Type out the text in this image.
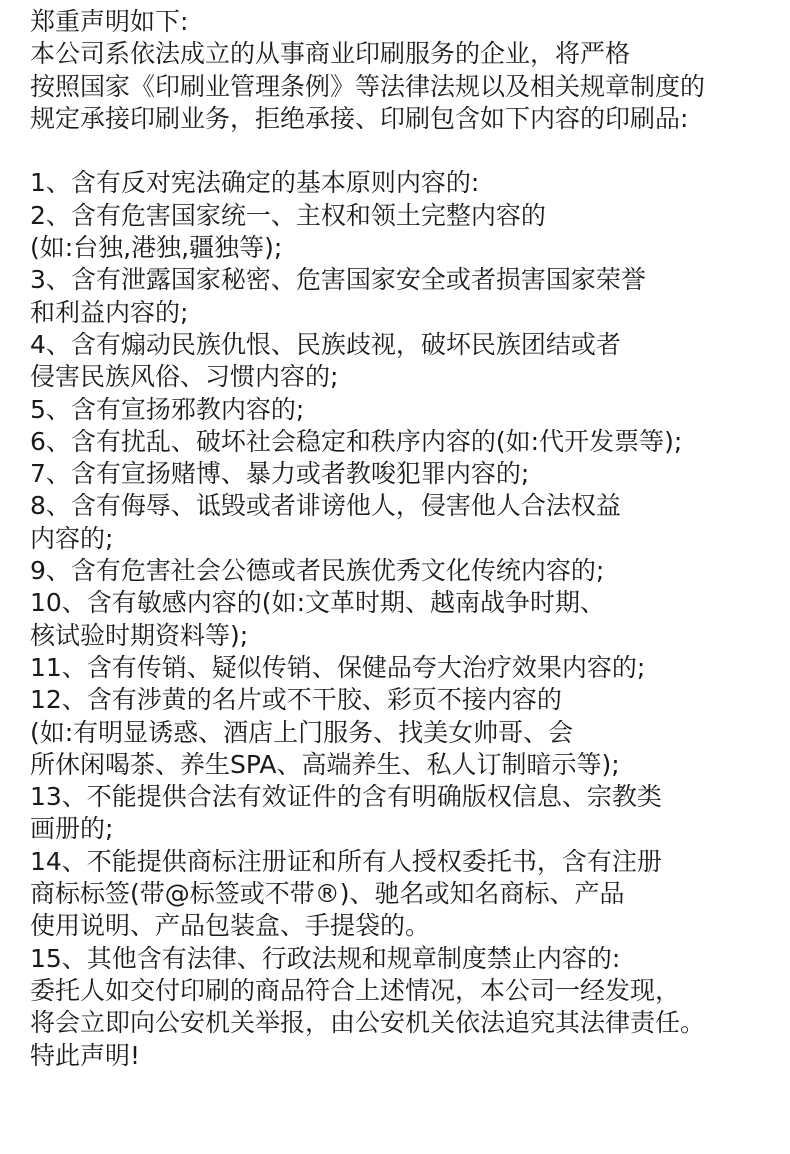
郑重声明如下:
本公司系依法成立的从事商业印刷服务的企业，将严格
按照国家《印刷业管理条例》等法律法规以及相关规章制度的
规定承接印刷业务，拒绝承接、印刷包含如下内容的印刷品:
1、含有反对宪法确定的基本原则内容的:
2、含有危害国家统一、主权和领土完整内容的
(如:台独,港独,疆独等);
3、含有泄露国家秘密、危害国家安全或者损害国家荣誉
和利益内容的;
4、含有煽动民族仇恨、民族歧视，破坏民族团结或者
侵害民族风俗、习惯内容的;
5、含有宣扬邪教内容的;
6、含有扰乱、破坏社会稳定和秩序内容的(如:代开发票等);
7、含有宣扬赌博、暴力或者教唆犯罪内容的;
8、含有侮辱、诋毁或者诽谤他人，侵害他人合法权益
内容的;
9、含有危害社会公德或者民族优秀文化传统内容的;
10、含有敏感内容的(如:文革时期、越南战争时期、
核试验时期资料等);
11、含有传销、疑似传销、保健品夸大治疗效果内容的;
12、含有涉黄的名片或不干胶、彩页不接内容的
(如:有明显诱惑、酒店上门服务、找美女帅哥、会
所休闲喝茶、养生SPA、高端养生、私人订制暗示等);
13、不能提供合法有效证件的含有明确版权信息、宗教类
画册的;
14、不能提供商标注册证和所有人授权委托书，含有注册
商标标签(带@标签或不带®)、驰名或知名商标、产品
使用说明、产品包装盒、手提袋的。
15、其他含有法律、行政法规和规章制度禁止内容的:
委托人如交付印刷的商品符合上述情况，本公司一经发现，
将会立即向公安机关举报，由公安机关依法追究其法律责任。
特此声明!
